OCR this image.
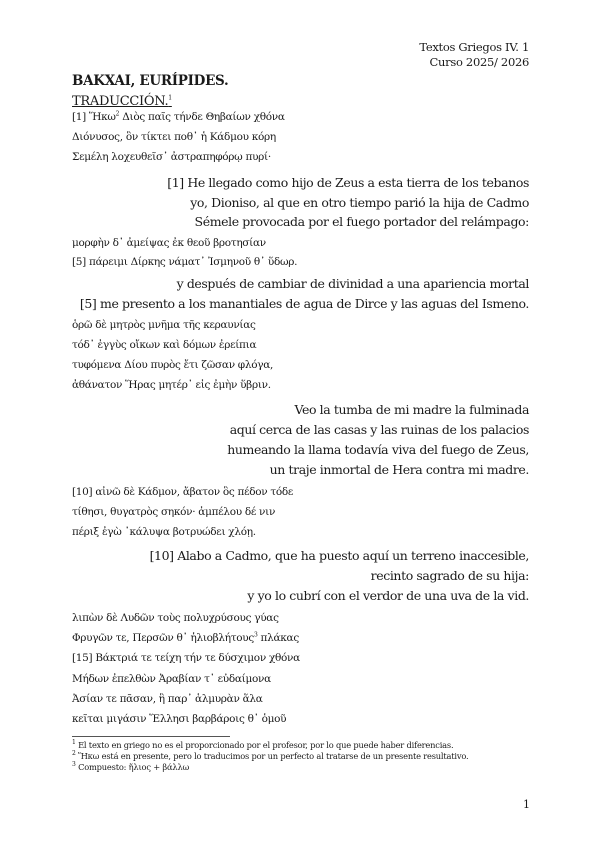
Textos Griegos IV. 1
Curso 2025/ 2026
BAKXAI, EURÍPIDES.
TRADUCCIÓN.$^1$
[1] Ἥκω$^2$ Διὸς παῖς τήνδε Θηβαίων χθόνα
Διόνυσος, ὃν τίκτει ποθ᾽ ἡ Κάδμου κόρη
Σεμέλη λοχευθεῖσ᾽ ἀστραπηφόρῳ πυρί·
[1] He llegado como hijo de Zeus a esta tierra de los tebanos
yo, Dioniso, al que en otro tiempo parió la hija de Cadmo
Sémele provocada por el fuego portador del relámpago:
μορφὴν δ᾽ ἀμείψας ἐκ θεοῦ βροτησίαν
[5] πάρειμι Δίρκης νάματ᾽ Ἰσμηνοῦ θ᾽ ὕδωρ.
y después de cambiar de divinidad a una apariencia mortal
[5] me presento a los manantiales de agua de Dirce y las aguas del Ismeno.
ὁρῶ δὲ μητρὸς μνῆμα τῆς κεραυνίας
τόδ᾽ ἐγγὺς οἴκων καὶ δόμων ἐρείπια
τυφόμενα Δίου πυρὸς ἔτι ζῶσαν φλόγα,
ἀθάνατον Ἥρας μητέρ᾽ εἰς ἐμὴν ὕβριν.
Veo la tumba de mi madre la fulminada
aquí cerca de las casas y las ruinas de los palacios
humeando la llama todavía viva del fuego de Zeus,
un traje inmortal de Hera contra mi madre.
[10] αἰνῶ δὲ Κάδμον, ἄβατον ὃς πέδον τόδε
τίθησι, θυγατρὸς σηκόν· ἀμπέλου δέ νιν
πέριξ ἐγὼ ᾽κάλυψα βοτρυώδει χλόῃ.
[10] Alabo a Cadmo, que ha puesto aquí un terreno inaccesible,
recinto sagrado de su hija:
y yo lo cubrí con el verdor de una uva de la vid.
λιπὼν δὲ Λυδῶν τοὺς πολυχρύσους γύας
Φρυγῶν τε, Περσῶν θ᾽ ἡλιοβλήτους$^3$ πλάκας
[15] Βάκτριά τε τείχη τήν τε δύσχιμον χθόνα
Μήδων ἐπελθὼν Ἀραβίαν τ᾽ εὐδαίμονα
Ἀσίαν τε πᾶσαν, ἣ παρ᾽ ἁλμυρὰν ἅλα
κεῖται μιγάσιν Ἕλλησι βαρβάροις θ᾽ ὁμοῦ
$^1$ El texto en griego no es el proporcionado por el profesor, por lo que puede haber diferencias.
$^2$ Ἥκω está en presente, pero lo traducimos por un perfecto al tratarse de un presente resultativo.
$^3$ Compuesto: ἥλιος + βάλλω
1
